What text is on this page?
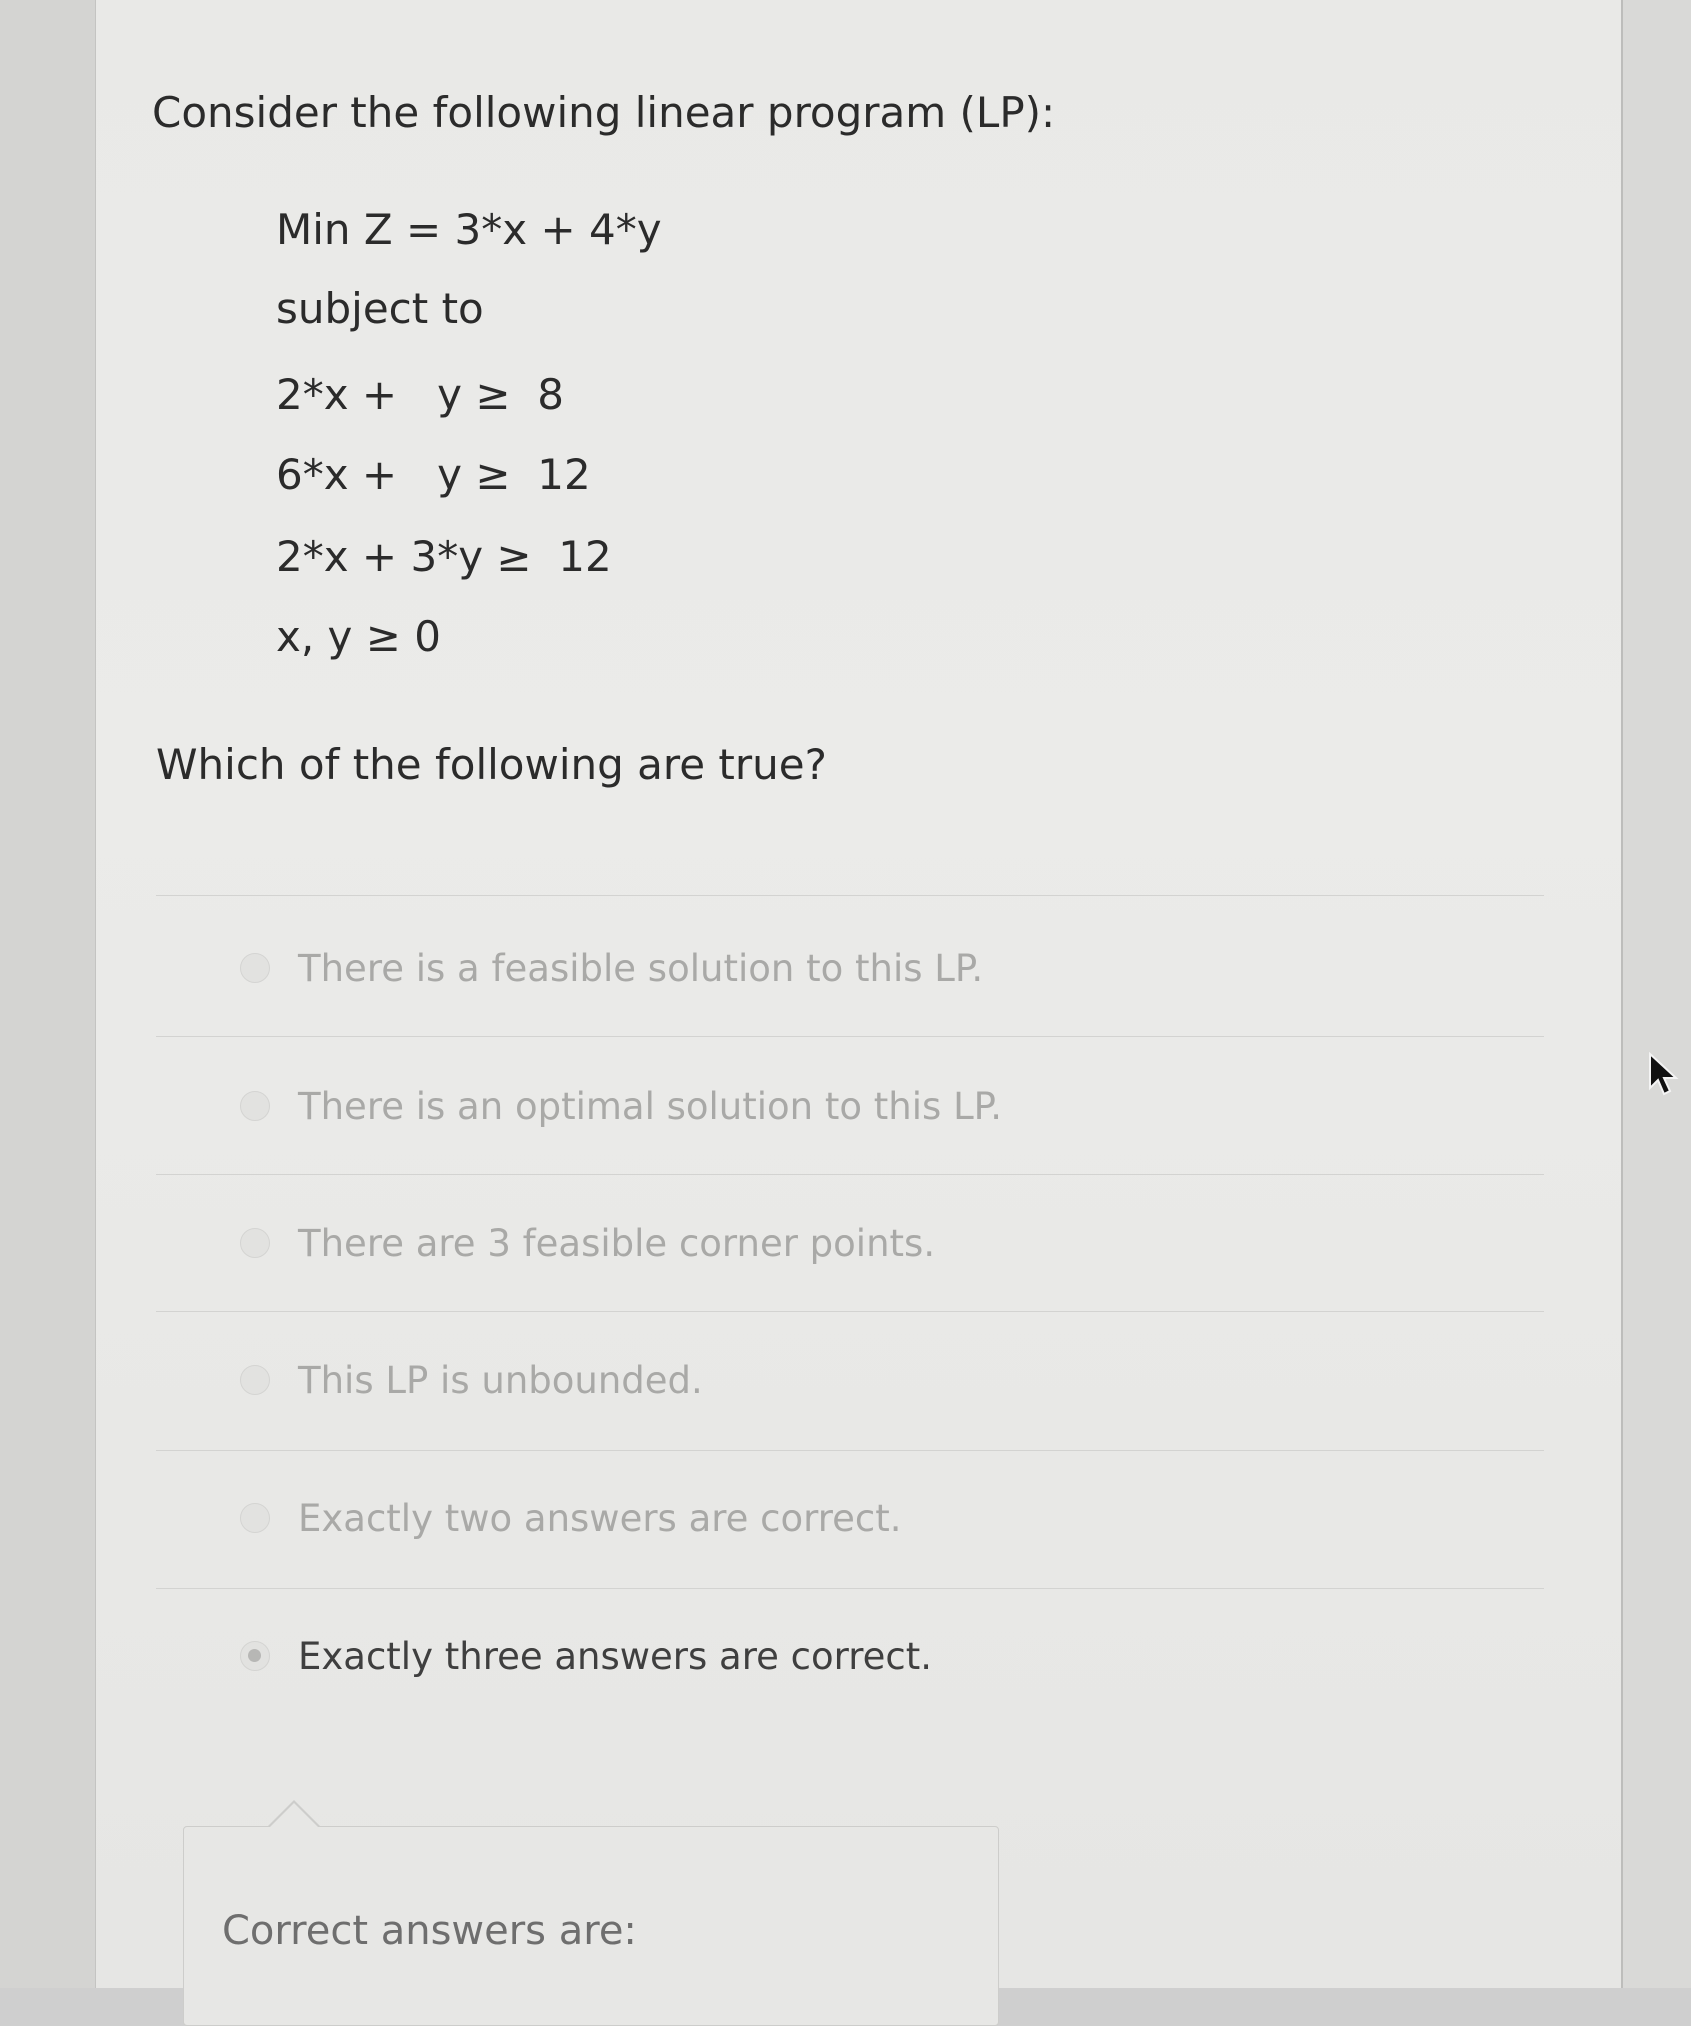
Consider the following linear program (LP):
Min Z = 3*x + 4*y
subject to
2*x +   y ≥  8
6*x +   y ≥  12
2*x + 3*y ≥  12
x, y ≥ 0
Which of the following are true?
There is a feasible solution to this LP.
There is an optimal solution to this LP.
There are 3 feasible corner points.
This LP is unbounded.
Exactly two answers are correct.
Exactly three answers are correct.
Correct answers are:
